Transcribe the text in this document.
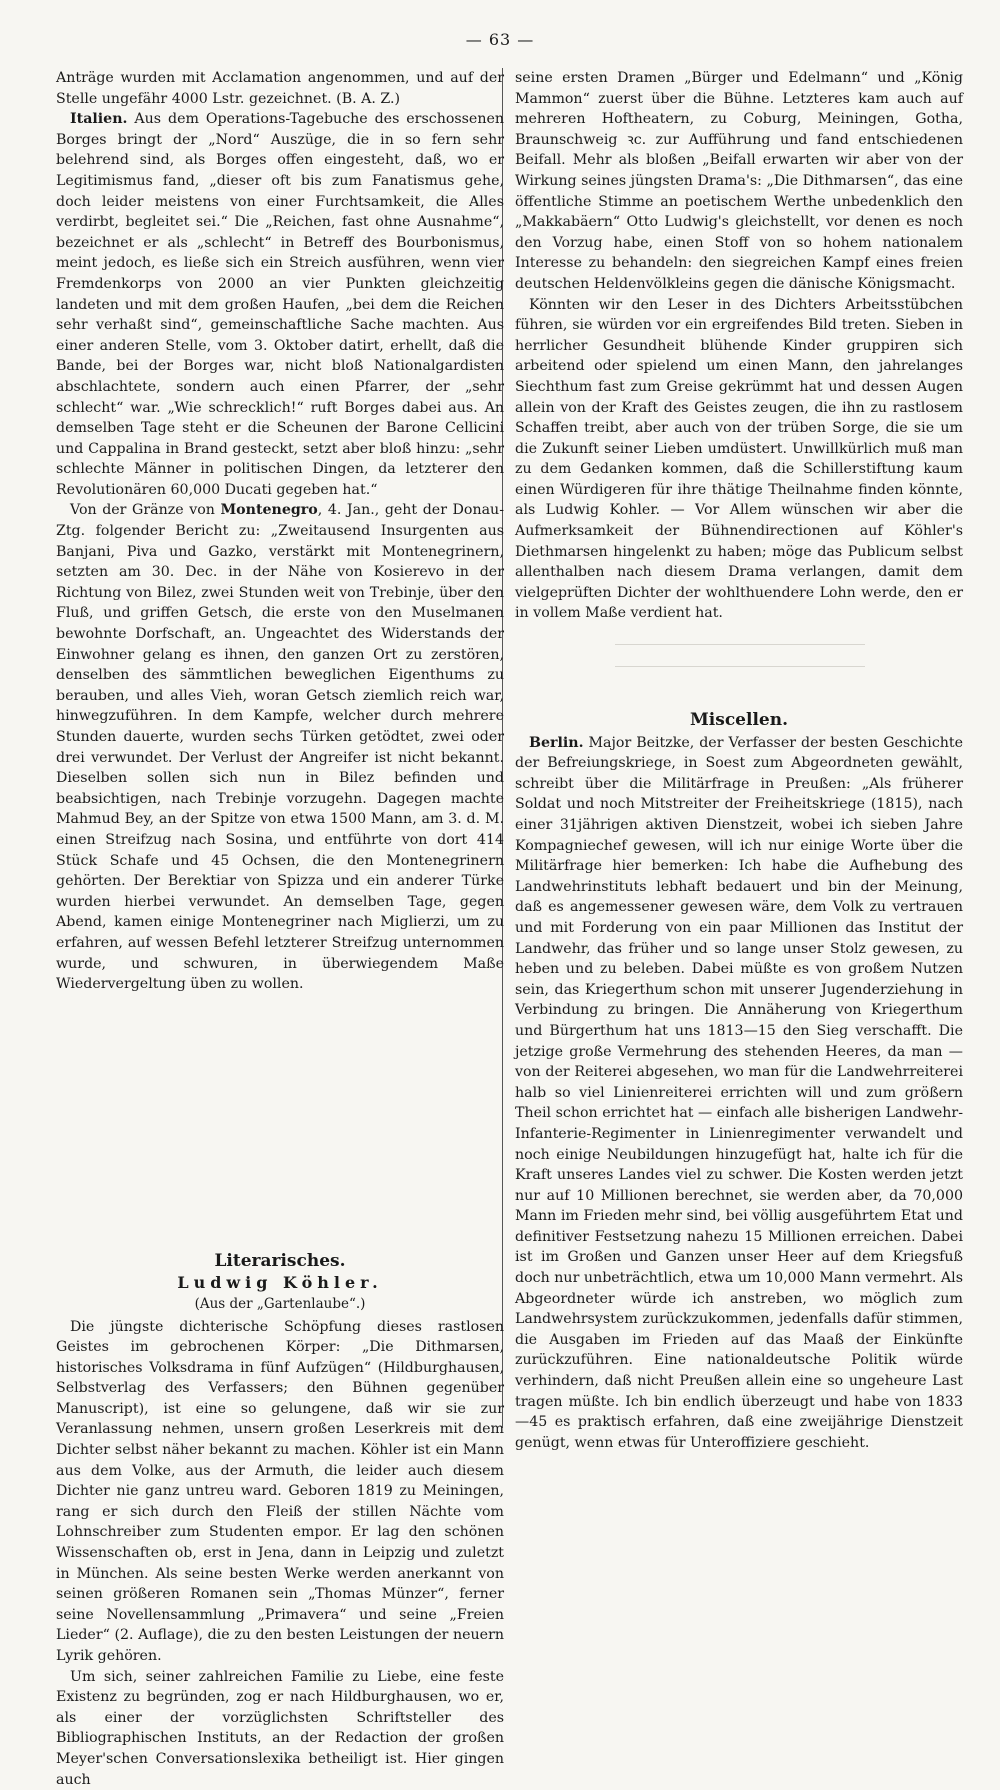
— 63 —

Anträge wurden mit Acclamation angenommen, und auf der Stelle ungefähr 4000 Lstr. gezeichnet. (B. A. Z.)

Italien. Aus dem Operations-Tagebuche des erschossenen Borges bringt der „Nord“ Auszüge, die in so fern sehr belehrend sind, als Borges offen eingesteht, daß, wo er Legitimismus fand, „dieser oft bis zum Fanatismus gehe, doch leider meistens von einer Furchtsamkeit, die Alles verdirbt, begleitet sei.“ Die „Reichen, fast ohne Ausnahme“, bezeichnet er als „schlecht“ in Betreff des Bourbonismus, meint jedoch, es ließe sich ein Streich ausführen, wenn vier Fremdenkorps von 2000 an vier Punkten gleichzeitig landeten und mit dem großen Haufen, „bei dem die Reichen sehr verhaßt sind“, gemeinschaftliche Sache machten. Aus einer anderen Stelle, vom 3. Oktober datirt, erhellt, daß die Bande, bei der Borges war, nicht bloß Nationalgardisten abschlachtete, sondern auch einen Pfarrer, der „sehr schlecht“ war. „Wie schrecklich!“ ruft Borges dabei aus. An demselben Tage steht er die Scheunen der Barone Cellicini und Cappalina in Brand gesteckt, setzt aber bloß hinzu: „sehr schlechte Männer in politischen Dingen, da letzterer den Revolutionären 60,000 Ducati gegeben hat.“

Von der Gränze von Montenegro, 4. Jan., geht der Donau-Ztg. folgender Bericht zu: „Zweitausend Insurgenten aus Banjani, Piva und Gazko, verstärkt mit Montenegrinern, setzten am 30. Dec. in der Nähe von Kosierevo in der Richtung von Bilez, zwei Stunden weit von Trebinje, über den Fluß, und griffen Getsch, die erste von den Muselmanen bewohnte Dorfschaft, an. Ungeachtet des Widerstands der Einwohner gelang es ihnen, den ganzen Ort zu zerstören, denselben des sämmtlichen beweglichen Eigenthums zu berauben, und alles Vieh, woran Getsch ziemlich reich war, hinwegzuführen. In dem Kampfe, welcher durch mehrere Stunden dauerte, wurden sechs Türken getödtet, zwei oder drei verwundet. Der Verlust der Angreifer ist nicht bekannt. Dieselben sollen sich nun in Bilez befinden und beabsichtigen, nach Trebinje vorzugehn. Dagegen machte Mahmud Bey, an der Spitze von etwa 1500 Mann, am 3. d. M. einen Streifzug nach Sosina, und entführte von dort 414 Stück Schafe und 45 Ochsen, die den Montenegrinern gehörten. Der Berektiar von Spizza und ein anderer Türke wurden hierbei verwundet. An demselben Tage, gegen Abend, kamen einige Montenegriner nach Miglierzi, um zu erfahren, auf wessen Befehl letzterer Streifzug unternommen wurde, und schwuren, in überwiegendem Maße Wiedervergeltung üben zu wollen.

Literarisches.
Ludwig Köhler.
(Aus der „Gartenlaube“.)

Die jüngste dichterische Schöpfung dieses rastlosen Geistes im gebrochenen Körper: „Die Dithmarsen, historisches Volksdrama in fünf Aufzügen“ (Hildburghausen, Selbstverlag des Verfassers; den Bühnen gegenüber Manuscript), ist eine so gelungene, daß wir sie zur Veranlassung nehmen, unsern großen Leserkreis mit dem Dichter selbst näher bekannt zu machen. Köhler ist ein Mann aus dem Volke, aus der Armuth, die leider auch diesem Dichter nie ganz untreu ward. Geboren 1819 zu Meiningen, rang er sich durch den Fleiß der stillen Nächte vom Lohnschreiber zum Studenten empor. Er lag den schönen Wissenschaften ob, erst in Jena, dann in Leipzig und zuletzt in München. Als seine besten Werke werden anerkannt von seinen größeren Romanen sein „Thomas Münzer“, ferner seine Novellensammlung „Primavera“ und seine „Freien Lieder“ (2. Auflage), die zu den besten Leistungen der neuern Lyrik gehören.

Um sich, seiner zahlreichen Familie zu Liebe, eine feste Existenz zu begründen, zog er nach Hildburghausen, wo er, als einer der vorzüglichsten Schriftsteller des Bibliographischen Instituts, an der Redaction der großen Meyer'schen Conversationslexika betheiligt ist. Hier gingen auch

seine ersten Dramen „Bürger und Edelmann“ und „König Mammon“ zuerst über die Bühne. Letzteres kam auch auf mehreren Hoftheatern, zu Coburg, Meiningen, Gotha, Braunschweig ꝛc. zur Aufführung und fand entschiedenen Beifall. Mehr als bloßen „Beifall erwarten wir aber von der Wirkung seines jüngsten Drama's: „Die Dithmarsen“, das eine öffentliche Stimme an poetischem Werthe unbedenklich den „Makkabäern“ Otto Ludwig's gleichstellt, vor denen es noch den Vorzug habe, einen Stoff von so hohem nationalem Interesse zu behandeln: den siegreichen Kampf eines freien deutschen Heldenvölkleins gegen die dänische Königsmacht.

Könnten wir den Leser in des Dichters Arbeitsstübchen führen, sie würden vor ein ergreifendes Bild treten. Sieben in herrlicher Gesundheit blühende Kinder gruppiren sich arbeitend oder spielend um einen Mann, den jahrelanges Siechthum fast zum Greise gekrümmt hat und dessen Augen allein von der Kraft des Geistes zeugen, die ihn zu rastlosem Schaffen treibt, aber auch von der trüben Sorge, die sie um die Zukunft seiner Lieben umdüstert. Unwillkürlich muß man zu dem Gedanken kommen, daß die Schillerstiftung kaum einen Würdigeren für ihre thätige Theilnahme finden könnte, als Ludwig Kohler. — Vor Allem wünschen wir aber die Aufmerksamkeit der Bühnendirectionen auf Köhler's Diethmarsen hingelenkt zu haben; möge das Publicum selbst allenthalben nach diesem Drama verlangen, damit dem vielgeprüften Dichter der wohlthuendere Lohn werde, den er in vollem Maße verdient hat.

Miscellen.

Berlin. Major Beitzke, der Verfasser der besten Geschichte der Befreiungskriege, in Soest zum Abgeordneten gewählt, schreibt über die Militärfrage in Preußen: „Als früherer Soldat und noch Mitstreiter der Freiheitskriege (1815), nach einer 31jährigen aktiven Dienstzeit, wobei ich sieben Jahre Kompagniechef gewesen, will ich nur einige Worte über die Militärfrage hier bemerken: Ich habe die Aufhebung des Landwehrinstituts lebhaft bedauert und bin der Meinung, daß es angemessener gewesen wäre, dem Volk zu vertrauen und mit Forderung von ein paar Millionen das Institut der Landwehr, das früher und so lange unser Stolz gewesen, zu heben und zu beleben. Dabei müßte es von großem Nutzen sein, das Kriegerthum schon mit unserer Jugenderziehung in Verbindung zu bringen. Die Annäherung von Kriegerthum und Bürgerthum hat uns 1813—15 den Sieg verschafft. Die jetzige große Vermehrung des stehenden Heeres, da man — von der Reiterei abgesehen, wo man für die Landwehrreiterei halb so viel Linienreiterei errichten will und zum größern Theil schon errichtet hat — einfach alle bisherigen Landwehr-Infanterie-Regimenter in Linienregimenter verwandelt und noch einige Neubildungen hinzugefügt hat, halte ich für die Kraft unseres Landes viel zu schwer. Die Kosten werden jetzt nur auf 10 Millionen berechnet, sie werden aber, da 70,000 Mann im Frieden mehr sind, bei völlig ausgeführtem Etat und definitiver Festsetzung nahezu 15 Millionen erreichen. Dabei ist im Großen und Ganzen unser Heer auf dem Kriegsfuß doch nur unbeträchtlich, etwa um 10,000 Mann vermehrt. Als Abgeordneter würde ich anstreben, wo möglich zum Landwehrsystem zurückzukommen, jedenfalls dafür stimmen, die Ausgaben im Frieden auf das Maaß der Einkünfte zurückzuführen. Eine nationaldeutsche Politik würde verhindern, daß nicht Preußen allein eine so ungeheure Last tragen müßte. Ich bin endlich überzeugt und habe von 1833—45 es praktisch erfahren, daß eine zweijährige Dienstzeit genügt, wenn etwas für Unteroffiziere geschieht.
